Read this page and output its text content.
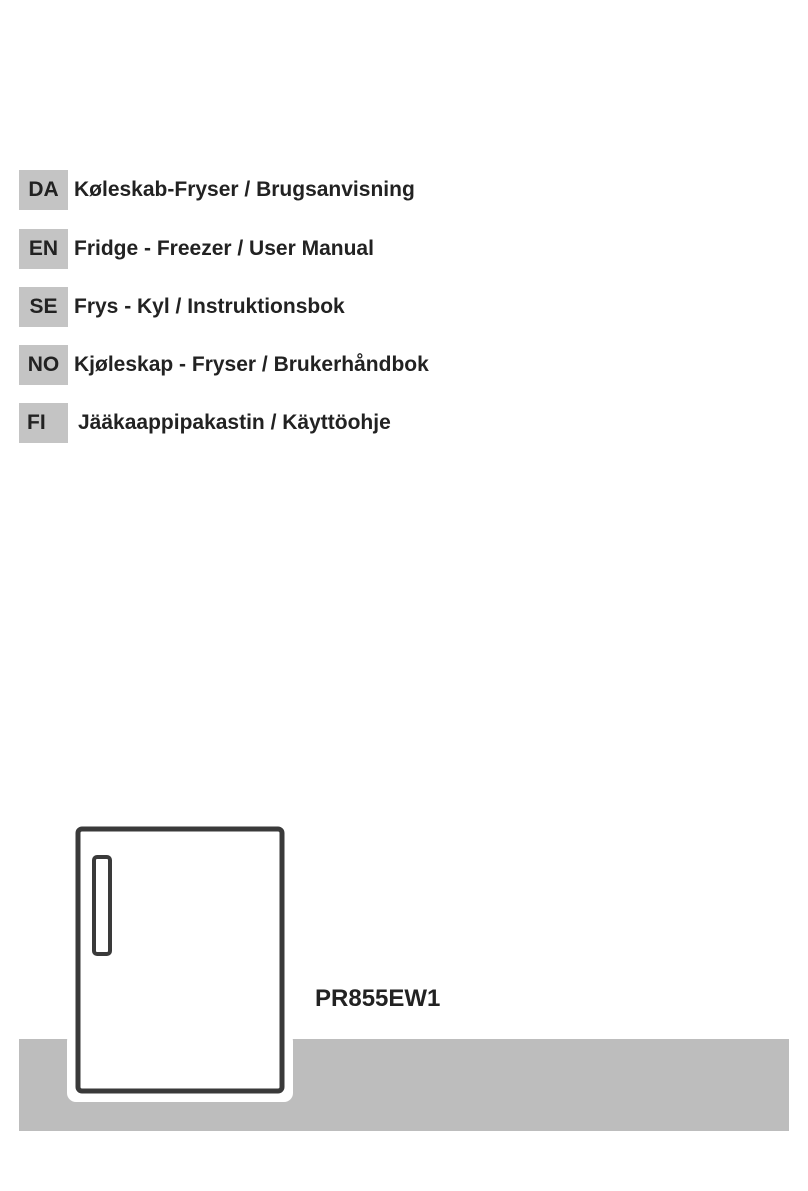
DA Køleskab-Fryser / Brugsanvisning
EN Fridge - Freezer / User Manual
SE Frys - Kyl / Instruktionsbok
NO Kjøleskap - Fryser / Brukerhåndbok
FI	Jääkaappipakastin / Käyttöohje
PR855EW1
